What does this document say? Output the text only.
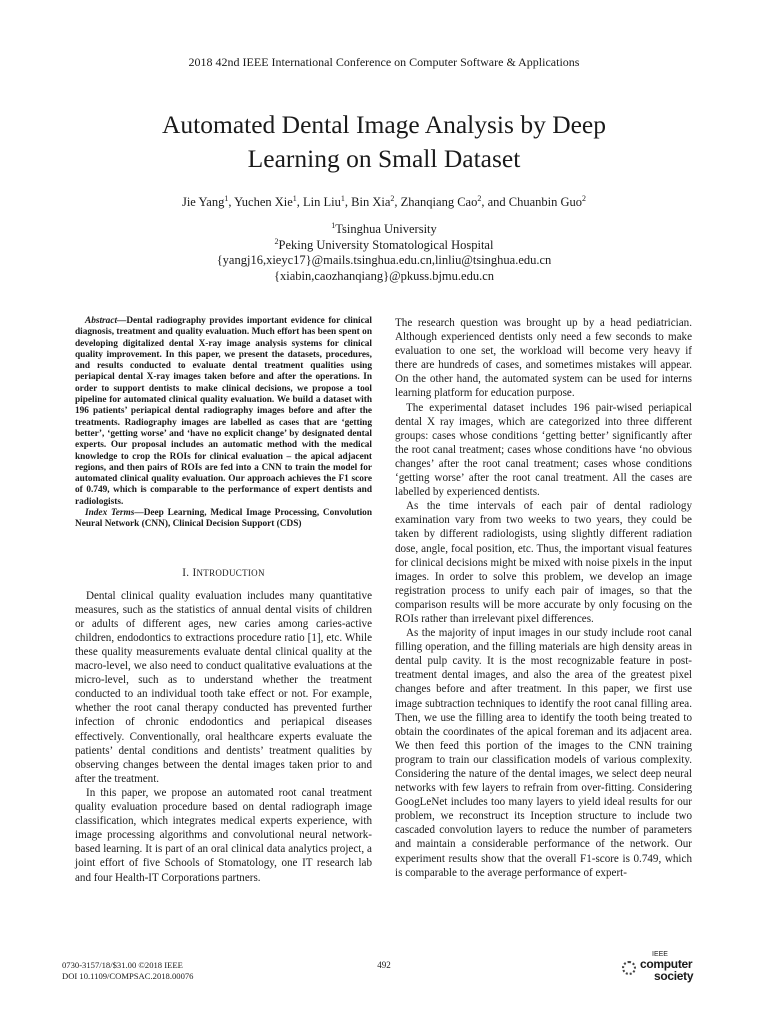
2018 42nd IEEE International Conference on Computer Software & Applications
Automated Dental Image Analysis by Deep
Learning on Small Dataset
Jie Yang$^1$, Yuchen Xie$^1$, Lin Liu$^1$, Bin Xia$^2$, Zhanqiang Cao$^2$, and Chuanbin Guo$^2$
$^1$Tsinghua University
$^2$Peking University Stomatological Hospital
{yangj16,xieyc17}@mails.tsinghua.edu.cn,linliu@tsinghua.edu.cn
{xiabin,caozhanqiang}@pkuss.bjmu.edu.cn

Abstract—Dental radiography provides important evidence for clinical diagnosis, treatment and quality evaluation. Much effort has been spent on developing digitalized dental X-ray image analysis systems for clinical quality improvement. In this paper, we present the datasets, procedures, and results conducted to evaluate dental treatment qualities using periapical dental X-ray images taken before and after the operations. In order to support dentists to make clinical decisions, we propose a tool pipeline for automated clinical quality evaluation. We build a dataset with 196 patients’ periapical dental radiography images before and after the treatments. Radiography images are labelled as cases that are ‘getting better’, ‘getting worse’ and ‘have no explicit change’ by designated dental experts. Our proposal includes an automatic method with the medical knowledge to crop the ROIs for clinical evaluation – the apical adjacent regions, and then pairs of ROIs are fed into a CNN to train the model for automated clinical quality evaluation. Our approach achieves the F1 score of 0.749, which is comparable to the performance of expert dentists and radiologists.

Index Terms—Deep Learning, Medical Image Processing, Convolution Neural Network (CNN), Clinical Decision Support (CDS)

I. INTRODUCTION

Dental clinical quality evaluation includes many quantitative measures, such as the statistics of annual dental visits of children or adults of different ages, new caries among caries-active children, endodontics to extractions procedure ratio [1], etc. While these quality measurements evaluate dental clinical quality at the macro-level, we also need to conduct qualitative evaluations at the micro-level, such as to understand whether the treatment conducted to an individual tooth take effect or not. For example, whether the root canal therapy conducted has prevented further infection of chronic endodontics and periapical diseases effectively. Conventionally, oral healthcare experts evaluate the patients’ dental conditions and dentists’ treatment qualities by observing changes between the dental images taken prior to and after the treatment.

In this paper, we propose an automated root canal treatment quality evaluation procedure based on dental radiograph image classification, which integrates medical experts experience, with image processing algorithms and convolutional neural network-based learning. It is part of an oral clinical data analytics project, a joint effort of five Schools of Stomatology, one IT research lab and four Health-IT Corporations partners.

The research question was brought up by a head pediatrician. Although experienced dentists only need a few seconds to make evaluation to one set, the workload will become very heavy if there are hundreds of cases, and sometimes mistakes will appear. On the other hand, the automated system can be used for interns learning platform for education purpose.

The experimental dataset includes 196 pair-wised periapical dental X ray images, which are categorized into three different groups: cases whose conditions ‘getting better’ significantly after the root canal treatment; cases whose conditions have ‘no obvious changes’ after the root canal treatment; cases whose conditions ‘getting worse’ after the root canal treatment. All the cases are labelled by experienced dentists.

As the time intervals of each pair of dental radiology examination vary from two weeks to two years, they could be taken by different radiologists, using slightly different radiation dose, angle, focal position, etc. Thus, the important visual features for clinical decisions might be mixed with noise pixels in the input images. In order to solve this problem, we develop an image registration process to unify each pair of images, so that the comparison results will be more accurate by only focusing on the ROIs rather than irrelevant pixel differences.

As the majority of input images in our study include root canal filling operation, and the filling materials are high density areas in dental pulp cavity. It is the most recognizable feature in post-treatment dental images, and also the area of the greatest pixel changes before and after treatment. In this paper, we first use image subtraction techniques to identify the root canal filling area. Then, we use the filling area to identify the tooth being treated to obtain the coordinates of the apical foreman and its adjacent area. We then feed this portion of the images to the CNN training program to train our classification models of various complexity. Considering the nature of the dental images, we select deep neural networks with few layers to refrain from over-fitting. Considering GoogLeNet includes too many layers to yield ideal results for our problem, we reconstruct its Inception structure to include two cascaded convolution layers to reduce the number of parameters and maintain a considerable performance of the network. Our experiment results show that the overall F1-score is 0.749, which is comparable to the average performance of expert-

0730-3157/18/$31.00 ©2018 IEEE
DOI 10.1109/COMPSAC.2018.00076
492
IEEE
computer
society
